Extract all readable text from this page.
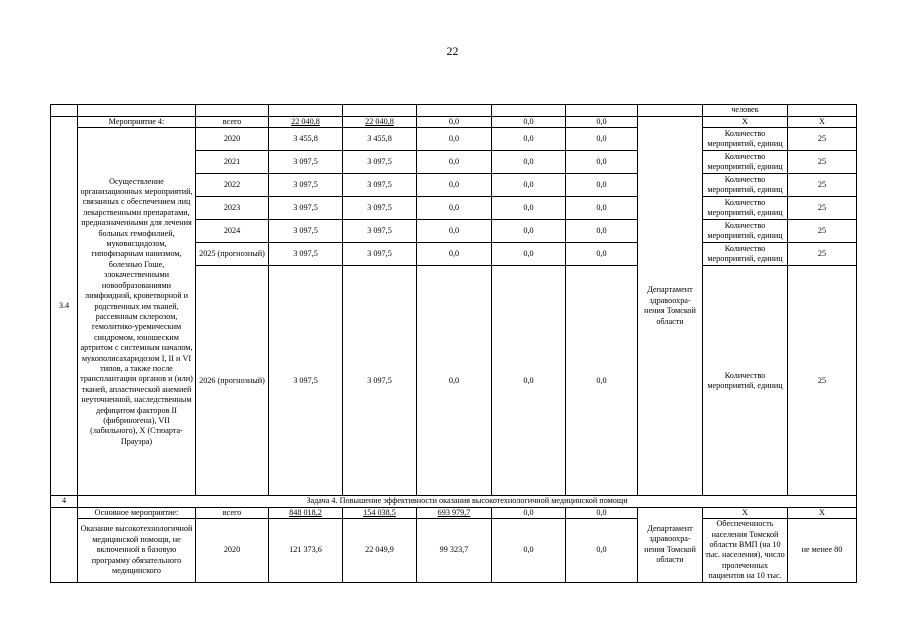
22
									человек	
3.4	Мероприятие 4:	всего	22 040,8	22 040,8	0,0	0,0	0,0	Департамент здравоохра-нения Томской области	X	X
	Осуществление организационных мероприятий, связанных с обеспечением лиц лекарственными препаратами, предназначенными для лечения больных гемофилией, муковисцидозом, гипофизарным нанизмом, болезнью Гоше, злокачественными новообразованиями лимфоидной, кроветворной и родственных им тканей, рассеянным склерозом, гемолитико-уремическим синдромом, юношеским артритом с системным началом, мукополисахаридозом I, II и VI типов, а также после трансплантации органов и (или) тканей, апластической анемией неуточненной, наследственным дефицитом факторов II (фибриногена), VII (лабильного), X (Стюарта-Прауэра)	2020	3 455,8	3 455,8	0,0	0,0	0,0		Количество мероприятий, единиц	25
		2021	3 097,5	3 097,5	0,0	0,0	0,0		Количество мероприятий, единиц	25
		2022	3 097,5	3 097,5	0,0	0,0	0,0		Количество мероприятий, единиц	25
		2023	3 097,5	3 097,5	0,0	0,0	0,0		Количество мероприятий, единиц	25
		2024	3 097,5	3 097,5	0,0	0,0	0,0		Количество мероприятий, единиц	25
		2025 (прогнозный)	3 097,5	3 097,5	0,0	0,0	0,0		Количество мероприятий, единиц	25
		2026 (прогнозный)	3 097,5	3 097,5	0,0	0,0	0,0		Количество мероприятий, единиц	25
4	Задача 4. Повышение эффективности оказания высокотехнологичной медицинской помощи									
	Основное мероприятие:	всего	848 018,2	154 038,5	693 979,7	0,0	0,0	Департамент здравоохра-нения Томской области	X	X
	Оказание высокотехнологичной медицинской помощи, не включенной в базовую программу обязательного медицинского	2020	121 373,6	22 049,9	99 323,7	0,0	0,0		Обеспеченность населения Томской области ВМП (на 10 тыс. населения), число пролеченных пациентов на 10 тыс.	не менее 80
